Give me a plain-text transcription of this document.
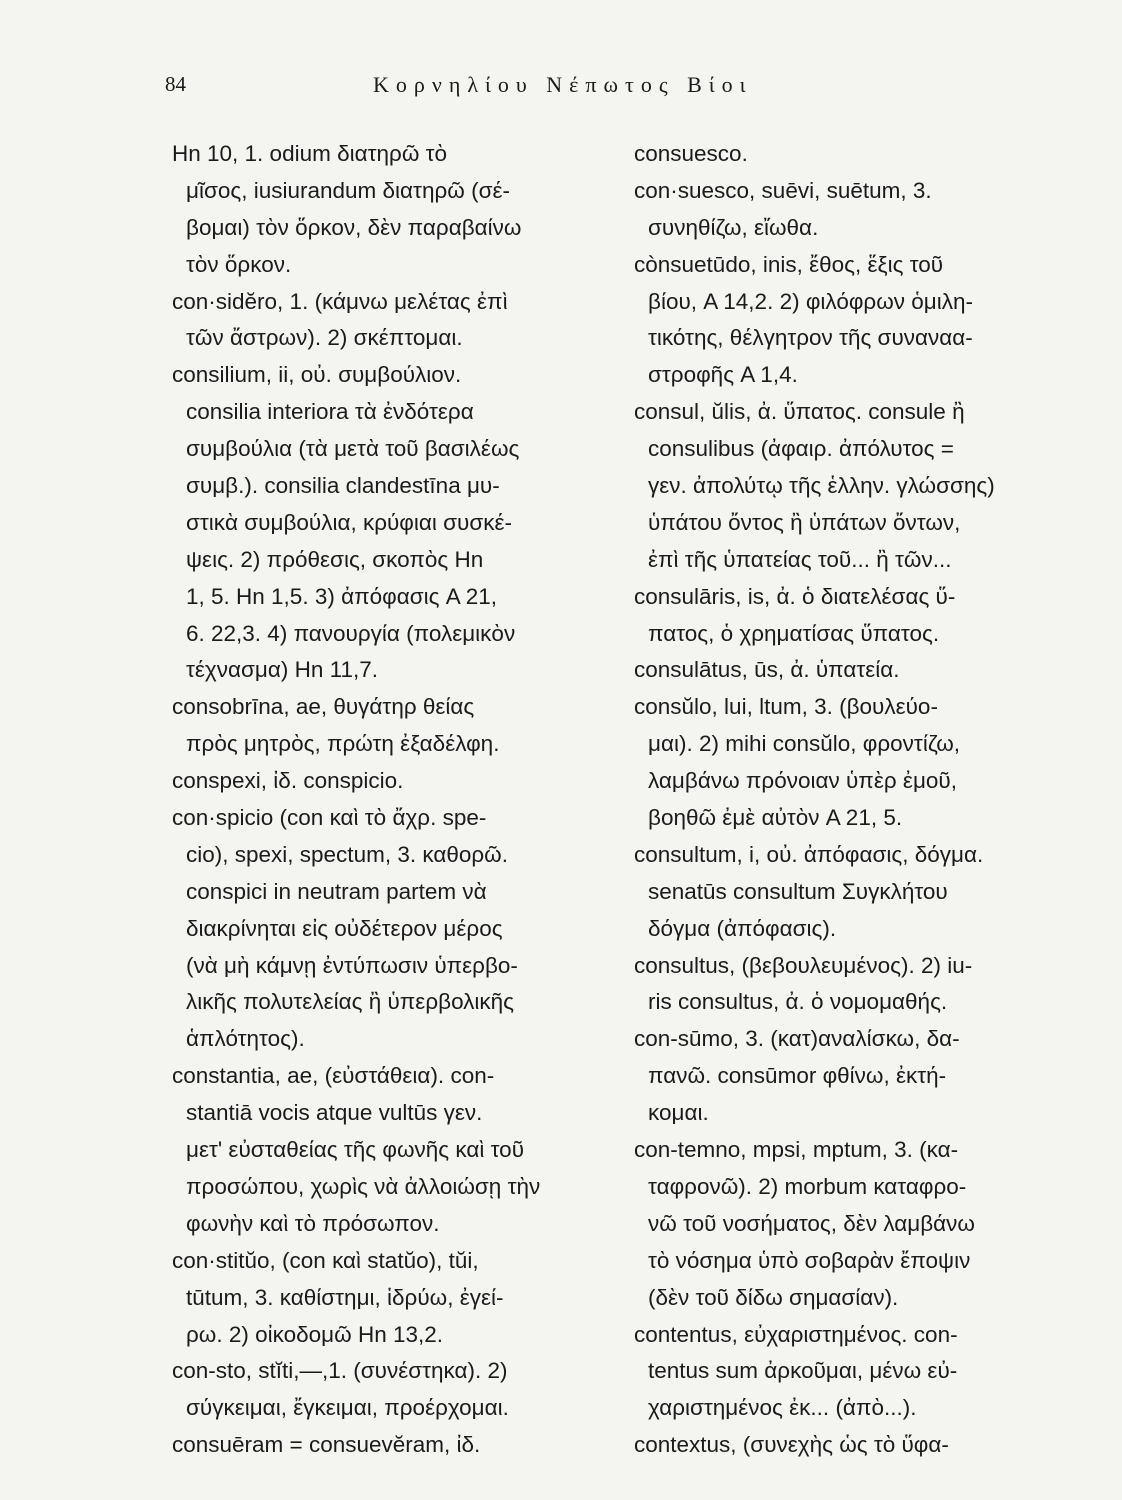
84	Κορνηλίου Νέπωτος Βίοι
Hn 10, 1. odium διατηρῶ τὸ
μῖσος, iusiurandum διατηρῶ (σέ-
βομαι) τὸν ὅρκον, δὲν παραβαίνω
τὸν ὅρκον.
con·sidĕro, 1. (κάμνω μελέτας ἐπὶ
τῶν ἄστρων). 2) σκέπτομαι.
consilium, ii, οὐ. συμβούλιον.
consilia interiora τὰ ἐνδότερα
συμβούλια (τὰ μετὰ τοῦ βασιλέως
συμβ.). consilia clandestīna μυ-
στικὰ συμβούλια, κρύφιαι συσκέ-
ψεις. 2) πρόθεσις, σκοπὸς Hn
1, 5. Hn 1,5. 3) ἀπόφασις A 21,
6. 22,3. 4) πανουργία (πολεμικὸν
τέχνασμα) Hn 11,7.
consobrīna, ae, θυγάτηρ θείας
πρὸς μητρὸς, πρώτη ἐξαδέλφη.
conspexi, ἰδ. conspicio.
con·spicio (con καὶ τὸ ἄχρ. spe-
cio), spexi, spectum, 3. καθορῶ.
conspici in neutram partem νὰ
διακρίνηται εἰς οὐδέτερον μέρος
(νὰ μὴ κάμνῃ ἐντύπωσιν ὑπερβο-
λικῆς πολυτελείας ἢ ὑπερβολικῆς
ἁπλότητος).
constantia, ae, (εὐστάθεια). con-
stantiā vocis atque vultūs γεν.
μετ' εὐσταθείας τῆς φωνῆς καὶ τοῦ
προσώπου, χωρὶς νὰ ἀλλοιώσῃ τὴν
φωνὴν καὶ τὸ πρόσωπον.
con·stitŭo, (con καὶ statŭo), tŭi,
tūtum, 3. καθίστημι, ἱδρύω, ἐγεί-
ρω. 2) οἰκοδομῶ Hn 13,2.
con-sto, stĭti,—,1. (συνέστηκα). 2)
σύγκειμαι, ἔγκειμαι, προέρχομαι.
consuēram = consuevĕram, ἰδ.
consuesco.
con·suesco, suēvi, suētum, 3.
συνηθίζω, εἴωθα.
cònsuetūdo, inis, ἔθος, ἕξις τοῦ
βίου, A 14,2. 2) φιλόφρων ὁμιλη-
τικότης, θέλγητρον τῆς συναναα-
στροφῆς A 1,4.
consul, ŭlis, ἀ. ὕπατος. consule ἢ
consulibus (ἀφαιρ. ἀπόλυτος =
γεν. ἀπολύτῳ τῆς ἑλλην. γλώσσης)
ὑπάτου ὄντος ἢ ὑπάτων ὄντων,
ἐπὶ τῆς ὑπατείας τοῦ... ἢ τῶν...
consulāris, is, ἀ. ὁ διατελέσας ὕ-
πατος, ὁ χρηματίσας ὕπατος.
consulātus, ūs, ἀ. ὑπατεία.
consŭlo, lui, ltum, 3. (βουλεύο-
μαι). 2) mihi consŭlo, φροντίζω,
λαμβάνω πρόνοιαν ὑπὲρ ἐμοῦ,
βοηθῶ ἐμὲ αὐτὸν A 21, 5.
consultum, i, οὐ. ἀπόφασις, δόγμα.
senatūs consultum Συγκλήτου
δόγμα (ἀπόφασις).
consultus, (βεβουλευμένος). 2) iu-
ris consultus, ἀ. ὁ νομομαθής.
con-sūmo, 3. (κατ)αναλίσκω, δα-
πανῶ. consūmor φθίνω, ἐκτή-
κομαι.
con-temno, mpsi, mptum, 3. (κα-
ταφρονῶ). 2) morbum καταφρο-
νῶ τοῦ νοσήματος, δὲν λαμβάνω
τὸ νόσημα ὑπὸ σοβαρὰν ἔποψιν
(δὲν τοῦ δίδω σημασίαν).
contentus, εὐχαριστημένος. con-
tentus sum ἀρκοῦμαι, μένω εὐ-
χαριστημένος ἐκ... (ἀπὸ...).
contextus, (συνεχὴς ὡς τὸ ὕφα-
